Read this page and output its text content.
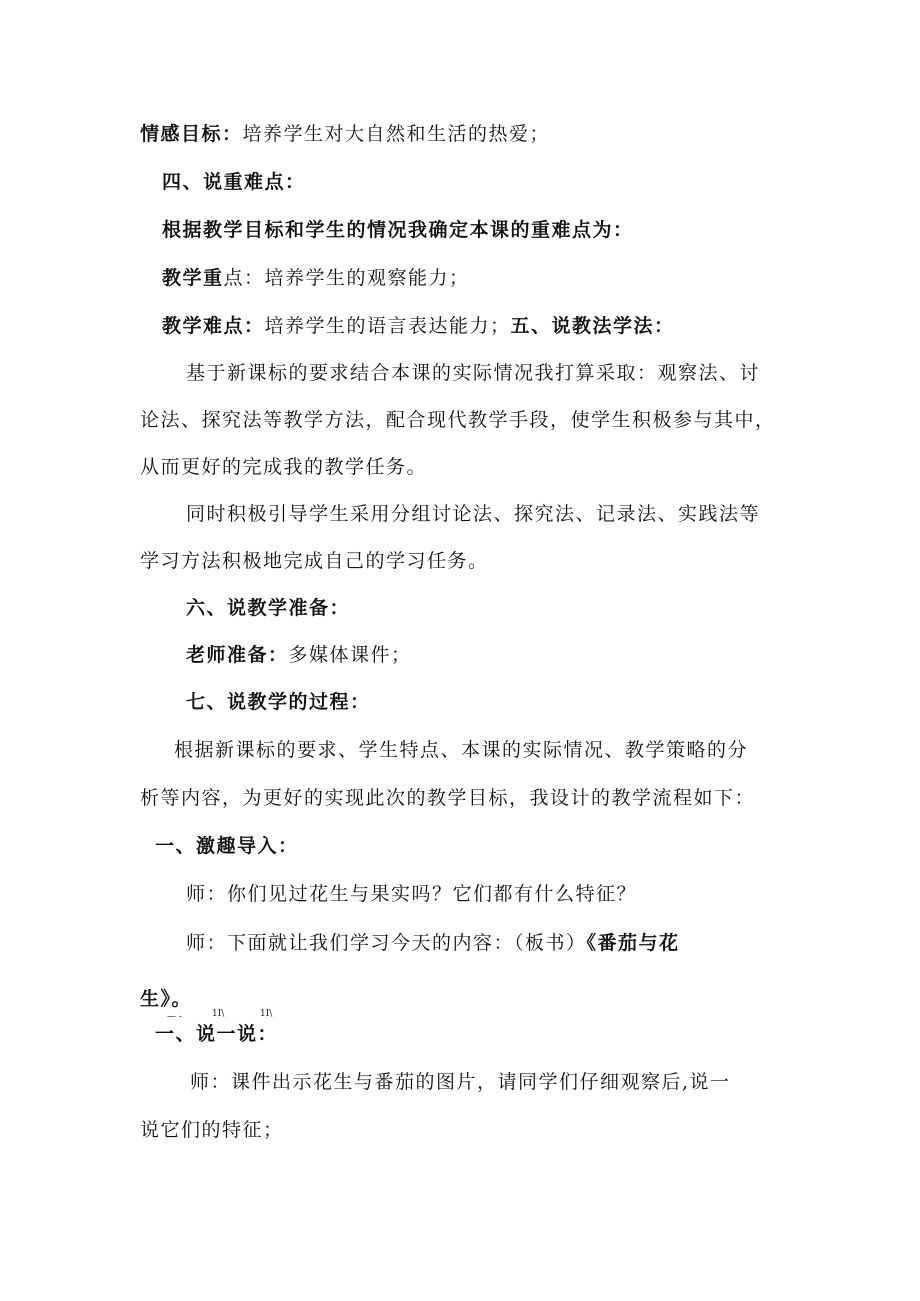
情感目标：培养学生对大自然和生活的热爱；
四、说重难点：
根据教学目标和学生的情况我确定本课的重难点为：
教学重点：培养学生的观察能力；
教学难点：培养学生的语言表达能力；五、说教法学法：
基于新课标的要求结合本课的实际情况我打算采取：观察法、讨
论法、探究法等教学方法，配合现代教学手段，使学生积极参与其中，
从而更好的完成我的教学任务。
同时积极引导学生采用分组讨论法、探究法、记录法、实践法等
学习方法积极地完成自己的学习任务。
六、说教学准备：
老师准备：多媒体课件；
七、说教学的过程：
根据新课标的要求、学生特点、本课的实际情况、教学策略的分
析等内容，为更好的实现此次的教学目标，我设计的教学流程如下：
一、激趣导入：
师：你们见过花生与果实吗？它们都有什么特征？
师：下面就让我们学习今天的内容：（板书）《番茄与花
生》。
一、说一说：
— -	1I\	1I\
师：课件出示花生与番茄的图片，请同学们仔细观察后,说一
说它们的特征；
